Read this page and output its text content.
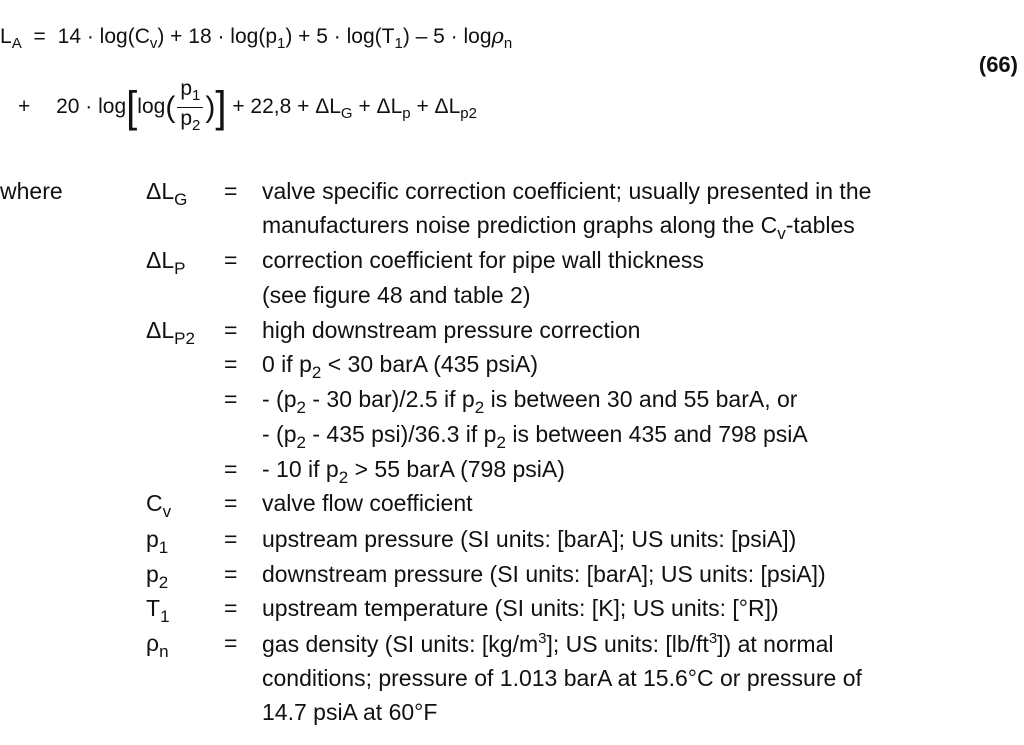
$L_A = 14 \cdot \log(C_v) + 18 \cdot \log(p_1) + 5 \cdot \log(T_1) - 5 \cdot \log\rho_n$
(66)
+ $20 \cdot \log[\log( \frac{p_1}{p_2}$ )] + $22,8 + \Delta L_G + \Delta L_p + \Delta L_{p2}$
where	$\Delta L_G$ = valve specific correction coefficient; usually presented in the
manufacturers noise prediction graphs along the $C_v$-tables
$\Delta L_P$ = correction coefficient for pipe wall thickness
(see figure 48 and table 2)
$\Delta L_{P2}$ = high downstream pressure correction
= 0 if $p_2 < 30$ barA (435 psiA)
= - ($p_2 - 30$ bar)/2.5 if $p_2$ is between 30 and 55 barA, or
- ($p_2 - 435$ psi)/36.3 if $p_2$ is between 435 and 798 psiA
= - 10 if $p_2 > 55$ barA (798 psiA)
$C_v$ = valve flow coefficient
$p_1$ = upstream pressure (SI units: [barA]; US units: [psiA])
$p_2$ = downstream pressure (SI units: [barA]; US units: [psiA])
$T_1$ = upstream temperature (SI units: [K]; US units: [°R])
$\rho_n$ = gas density (SI units: $[kg/m^3]$; US units: $[lb/ft^3]$) at normal
conditions; pressure of 1.013 barA at 15.6°C or pressure of
14.7 psiA at 60°F
